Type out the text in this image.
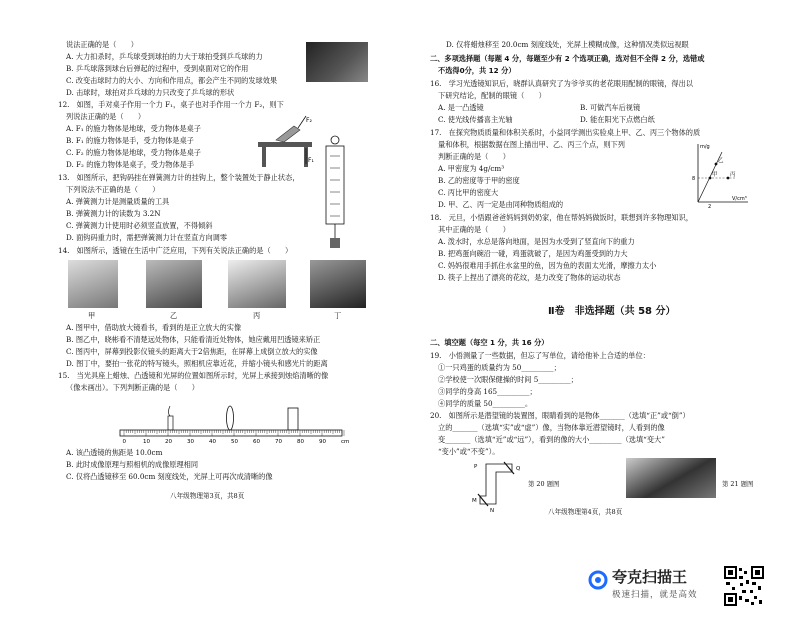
说法正确的是（　　）
A. 大力扣杀时，乒乓球受到球拍的力大于球拍受到乒乓球的力
B. 乒乓球落到球台后弹起的过程中，受到桌面对它的作用
C. 改变击球时力的大小、方向和作用点，都会产生不同的发球效果
D. 击球时，球拍对乒乓球的力只改变了乒乓球的形状
12.　如图，手对桌子作用一个力 F₁，桌子也对手作用一个力 F₂，则下
列说法正确的是（　　）
A. F₁ 的施力物体是地球，受力物体是桌子
B. F₁ 的施力物体是手，受力物体是桌子
C. F₂ 的施力物体是地球，受力物体是桌子
D. F₂ 的施力物体是桌子，受力物体是手
F₂
F₁
13.　如图所示，把钩码挂在弹簧测力计的挂钩上，整个装置处于静止状态，
下列说法不正确的是（　　）
A. 弹簧测力计是测量质量的工具
B. 弹簧测力计的读数为 3.2N
C. 弹簧测力计使用时必须竖直放置，不得倾斜
D. 面钩码重力时，需把弹簧测力计在竖直方向调零
14.　如图所示，透镜在生活中广泛应用，下列有关说法正确的是（　　）
甲	乙	丙	丁
A. 图甲中，借助放大镜看书，看到的是正立放大的实像
B. 图乙中，晓彬看不清楚远处物体，只能看清近处物体，她应戴用凹透镜来矫正
C. 图丙中，屏幕到投影仪镜头的距离大于2倍焦距，在屏幕上成倒立放大的实像
D. 图丁中，要拍一张花的特写镜头，照相机应靠近花，并缩小镜头和感光片的距离
15.　当光具座上蜡烛、凸透镜和光屏的位置如图所示时，光屏上承接到烛焰清晰的像
（像未画出）。下列判断正确的是（　　）
0	10	20	30	40	50	60	70	80	90	cm
A. 该凸透镜的焦距是 10.0cm
B. 此时成像原理与照相机的成像原理相同
C. 仅将凸透镜移至 60.0cm 刻度线处，光屏上可再次成清晰的像
八年级物理第3页，共8页
D. 仅将蜡烛移至 20.0cm 刻度线处，光屏上模糊成像，这种情况类似远视眼
二、多项选择题（每题 4 分，每题至少有 2 个选项正确，选对但不全得 2 分，选错或
不选得0分，共 12 分）
16.　学习光透镜知识后，晓群认真研究了为爷爷买的老花眼用配制的眼镜，得出以
下研究结论，配制的眼镜（　　）
A. 是一凸透镜	B. 可做汽车后视镜
C. 使光线传播喜主光轴	D. 能在阳光下点燃白纸
17.　在探究物质质量和体积关系时，小益同学测出实验桌上甲、乙、丙三个物体的质
量和体积，根据数据在图上描出甲、乙、丙三个点，则下列
判断正确的是（　　）
A. 甲密度为 4g/cm³
B. 乙的密度等于甲的密度
C. 丙比甲的密度大
D. 甲、乙、丙一定是由同种物质组成的
m/g
V/cm³
乙
甲 丙
8
2
18.　元旦，小悟跟爸爸妈妈到奶奶家，他在帮妈妈做饭时，联想到许多物理知识，
其中正确的是（　　）
A. 泼水时，水总是落向地面，是因为水受到了竖直向下的重力
B. 把鸡蛋向碗沿一碰，鸡蛋就破了，是因为鸡蛋受到的力大
C. 妈妈很难用手抓住水盆里的鱼，因为鱼的表面太光滑，摩擦力太小
D. 筷子上捏出了漂亮的花纹，是力改变了物体的运动状态
Ⅱ卷　非选择题（共 58 分）
二、填空题（每空 1 分，共 16 分）
19.　小悟测量了一些数据，但忘了写单位，请给他补上合适的单位：
①一只鸡蛋的质量约为 50_________；
②学校使一次眼保健操的时间 5_________；
③同学的身高 165_________；
④同学的质量 50_________。
20.　如图所示是潜望镜的装置图，眼睛看到的是物体_______（选填“正”或“倒”）
立的_______（选填“实”或“虚”）像，当物体靠近潜望镜时，人看到的像
变_______（选填“近”或“远”），看到的像的大小_________（选填“变大”
“变小”或“不变”）。
P	Q
M
N
第 20 题图	第 21 题图
八年级物理第4页，共8页
夸克扫描王
极速扫描，就是高效
